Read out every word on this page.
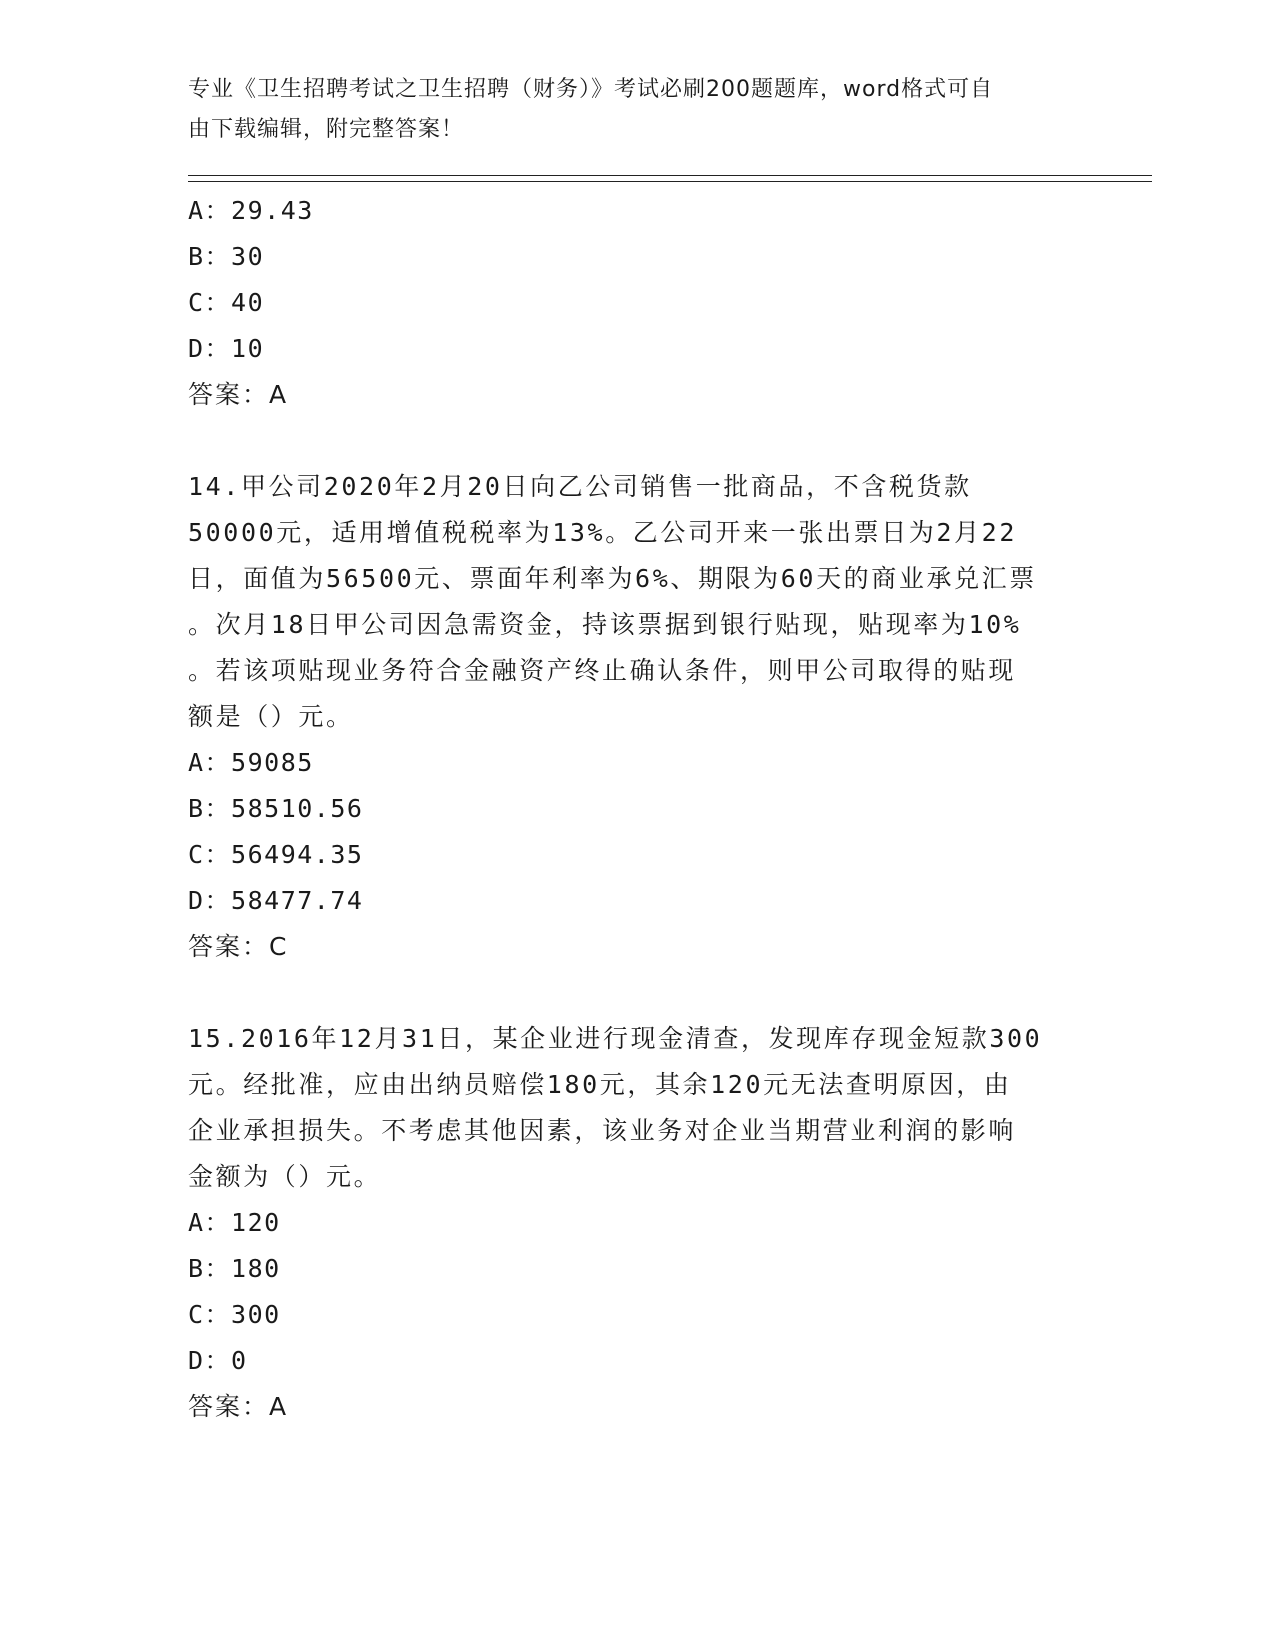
专业《卫生招聘考试之卫生招聘（财务）》考试必刷200题题库，word格式可自
由下载编辑，附完整答案！
A：29.43
B：30
C：40
D：10
答案：A
14.甲公司2020年2月20日向乙公司销售一批商品，不含税货款
50000元，适用增值税税率为13%。乙公司开来一张出票日为2月22
日，面值为56500元、票面年利率为6%、期限为60天的商业承兑汇票
。次月18日甲公司因急需资金，持该票据到银行贴现，贴现率为10%
。若该项贴现业务符合金融资产终止确认条件，则甲公司取得的贴现
额是（）元。
A：59085
B：58510.56
C：56494.35
D：58477.74
答案：C
15.2016年12月31日，某企业进行现金清查，发现库存现金短款300
元。经批准，应由出纳员赔偿180元，其余120元无法查明原因，由
企业承担损失。不考虑其他因素，该业务对企业当期营业利润的影响
金额为（）元。
A：120
B：180
C：300
D：0
答案：A
